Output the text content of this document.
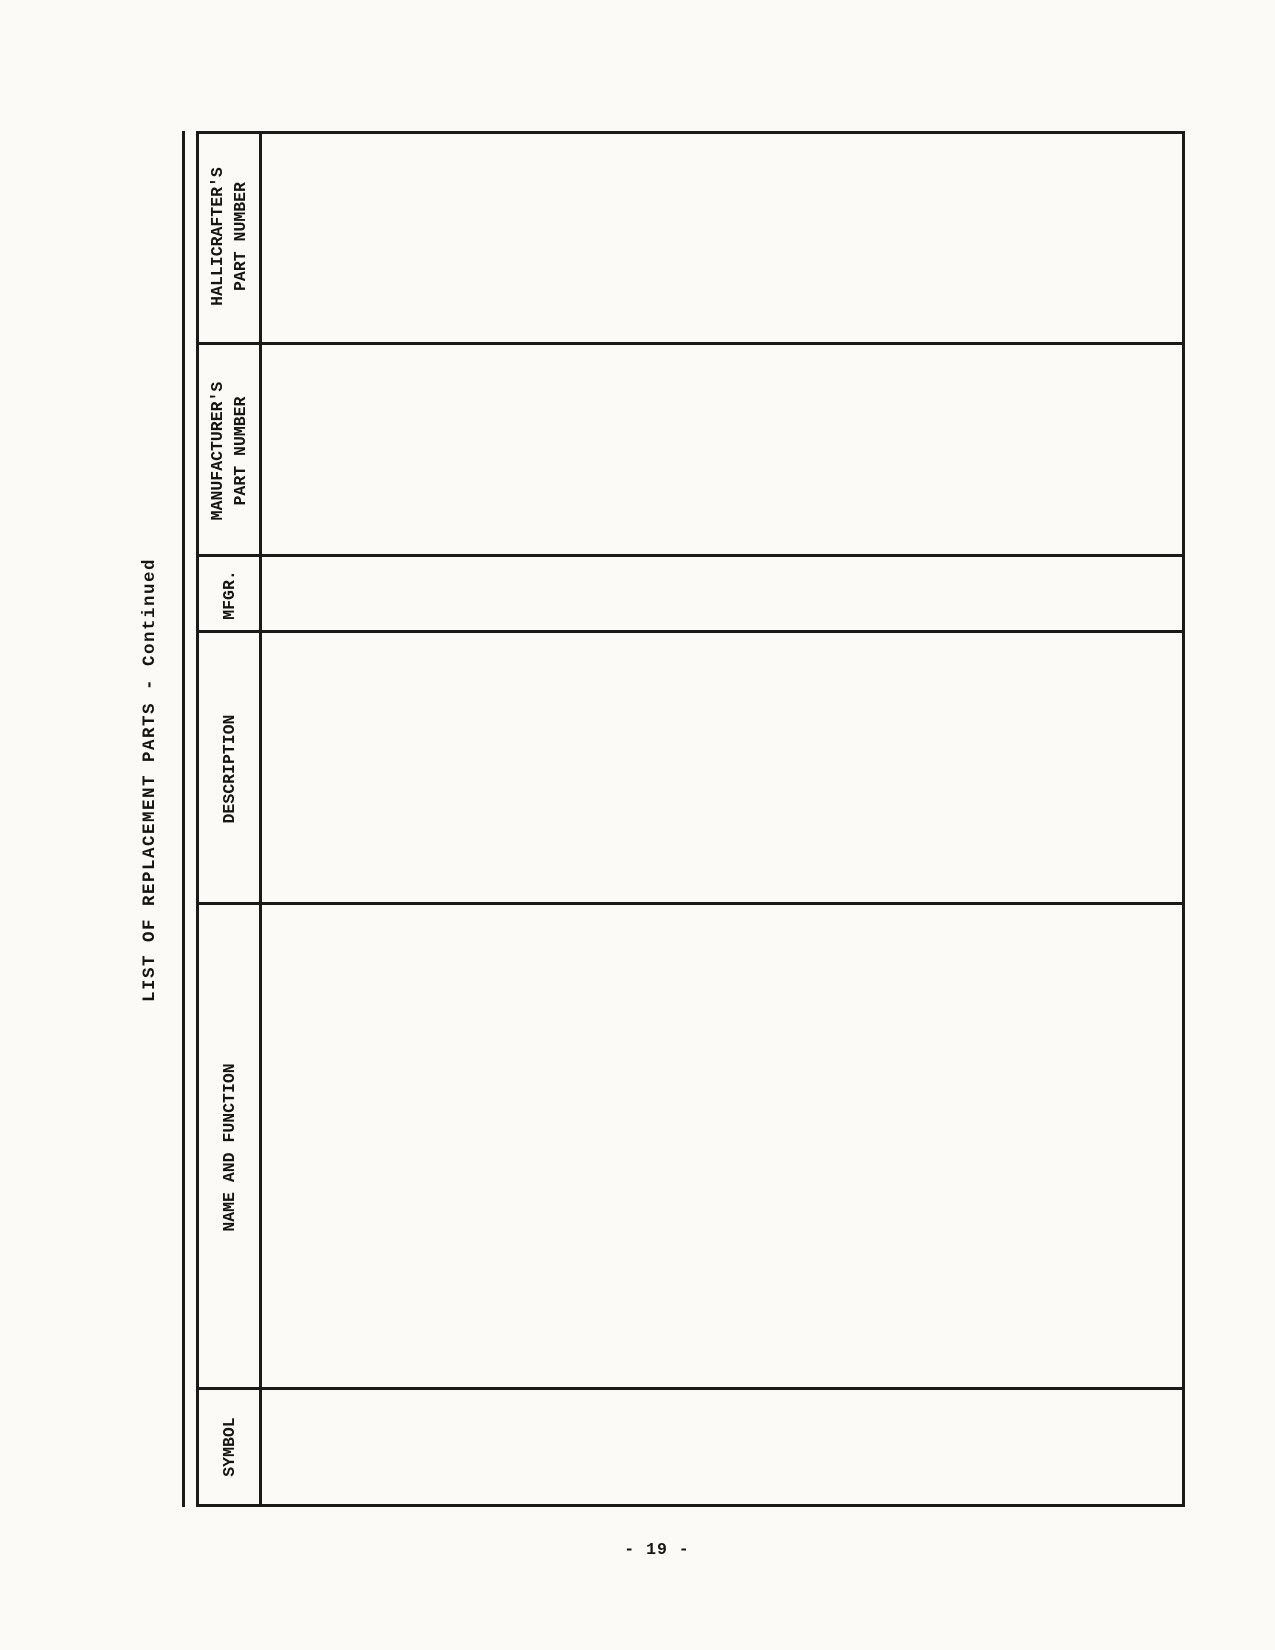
LIST OF REPLACEMENT PARTS - Continued
SYMBOL
NAME AND FUNCTION
DESCRIPTION
MFGR.
MANUFACTURER'S PART NUMBER
HALLICRAFTER'S PART NUMBER
- 19 -
